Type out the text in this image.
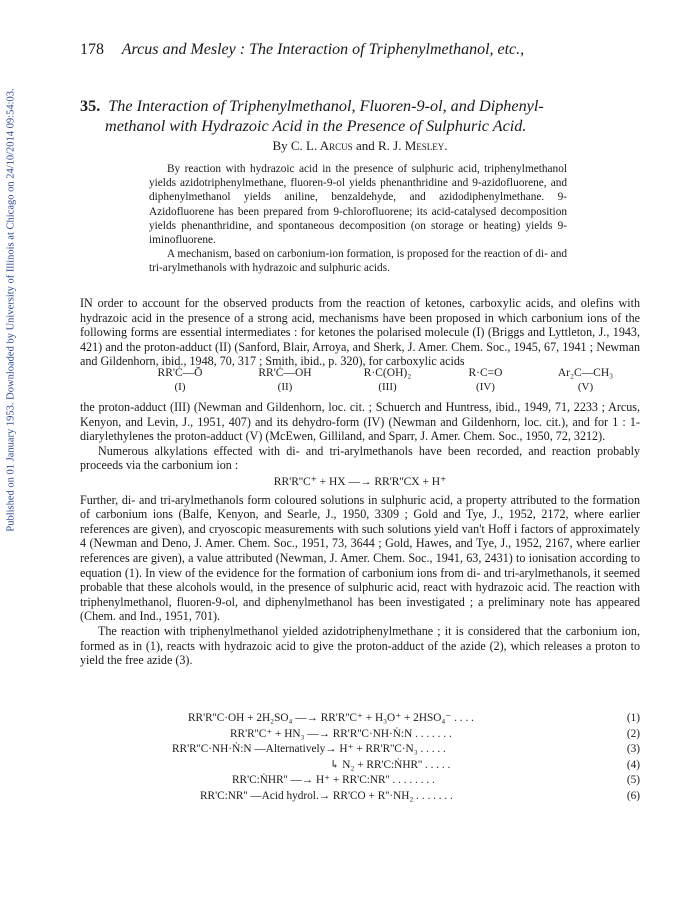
Published on 01 January 1953. Downloaded by University of Illinois at Chicago on 24/10/2014 09:54:03.
178 Arcus and Mesley : The Interaction of Triphenylmethanol, etc.,
35. The Interaction of Triphenylmethanol, Fluoren-9-ol, and Diphenyl-
methanol with Hydrazoic Acid in the Presence of Sulphuric Acid.
By C. L. Arcus and R. J. Mesley.

By reaction with hydrazoic acid in the presence of sulphuric acid, triphenylmethanol yields azidotriphenylmethane, fluoren-9-ol yields phenanthridine and 9-azidofluorene, and diphenylmethanol yields aniline, benzaldehyde, and azidodiphenylmethane. 9-Azidofluorene has been prepared from 9-chlorofluorene; its acid-catalysed decomposition yields phenanthridine, and spontaneous decomposition (on storage or heating) yields 9-iminofluorene.

A mechanism, based on carbonium-ion formation, is proposed for the reaction of di- and tri-arylmethanols with hydrazoic and sulphuric acids.

IN order to account for the observed products from the reaction of ketones, carboxylic acids, and olefins with hydrazoic acid in the presence of a strong acid, mechanisms have been proposed in which carbonium ions of the following forms are essential intermediates : for ketones the polarised molecule (I) (Briggs and Lyttleton, J., 1943, 421) and the proton-adduct (II) (Sanford, Blair, Arroya, and Sherk, J. Amer. Chem. Soc., 1945, 67, 1941 ; Newman and Gildenhorn, ibid., 1948, 70, 317 ; Smith, ibid., p. 320), for carboxylic acids

RR'Ċ—Ō
(I)
RR'Ċ—OH
(II)
R·C(OH)₂
(III)
R·C=O
(IV)
Ar₂C—CH₃
(V)

the proton-adduct (III) (Newman and Gildenhorn, loc. cit. ; Schuerch and Huntress, ibid., 1949, 71, 2233 ; Arcus, Kenyon, and Levin, J., 1951, 407) and its dehydro-form (IV) (Newman and Gildenhorn, loc. cit.), and for 1 : 1-diarylethylenes the proton-adduct (V) (McEwen, Gilliland, and Sparr, J. Amer. Chem. Soc., 1950, 72, 3212).

Numerous alkylations effected with di- and tri-arylmethanols have been recorded, and reaction probably proceeds via the carbonium ion :

RR'R''C⁺ + HX —→ RR'R''CX + H⁺

Further, di- and tri-arylmethanols form coloured solutions in sulphuric acid, a property attributed to the formation of carbonium ions (Balfe, Kenyon, and Searle, J., 1950, 3309 ; Gold and Tye, J., 1952, 2172, where earlier references are given), and cryoscopic measurements with such solutions yield van't Hoff i factors of approximately 4 (Newman and Deno, J. Amer. Chem. Soc., 1951, 73, 3644 ; Gold, Hawes, and Tye, J., 1952, 2167, where earlier references are given), a value attributed (Newman, J. Amer. Chem. Soc., 1941, 63, 2431) to ionisation according to equation (1). In view of the evidence for the formation of carbonium ions from di- and tri-arylmethanols, it seemed probable that these alcohols would, in the presence of sulphuric acid, react with hydrazoic acid. The reaction with triphenylmethanol, fluoren-9-ol, and diphenylmethanol has been investigated ; a preliminary note has appeared (Chem. and Ind., 1951, 701).

The reaction with triphenylmethanol yielded azidotriphenylmethane ; it is considered that the carbonium ion, formed as in (1), reacts with hydrazoic acid to give the proton-adduct of the azide (2), which releases a proton to yield the free azide (3).

RR'R''C·OH + 2H₂SO₄ —→ RR'R''C⁺ + H₃O⁺ + 2HSO₄⁻ . . . .	(1)
RR'R''C⁺ + HN₃ —→ RR'R''C·NH·Ṅ:N . . . . . . .	(2)
RR'R''C·NH·Ṅ:N —Alternatively→ H⁺ + RR'R''C·N₃ . . . . .	(3)
↳ N₂ + RR'C:ṄHR'' . . . . .	(4)
RR'C:ṄHR'' —→ H⁺ + RR'C:NR'' . . . . . . . .	(5)
RR'C:NR'' —Acid hydrol.→ RR'CO + R''·NH₂ . . . . . . .	(6)
